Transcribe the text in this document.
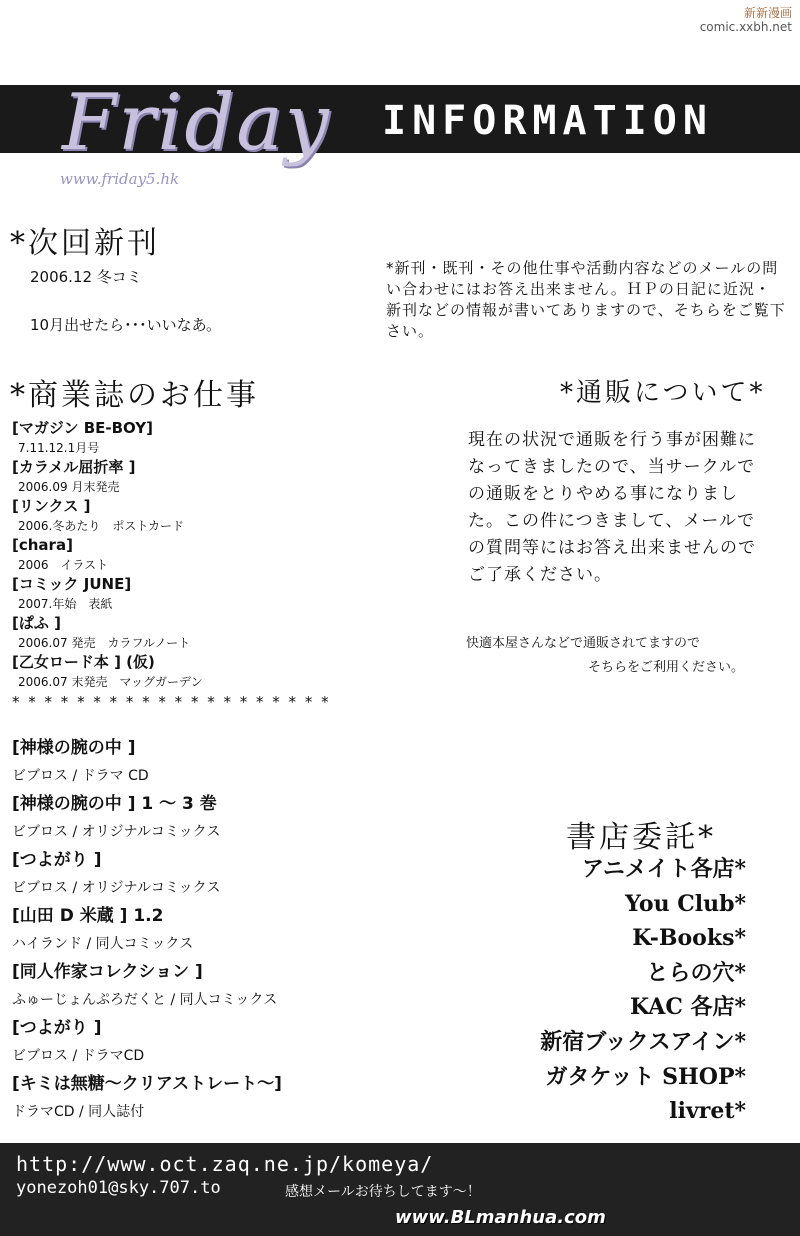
新新漫画
comic.xxbh.net
Friday
www.friday5.hk
INFORMATION
*次回新刊
2006.12 冬コミ
10月出せたら･･･いいなあ。
*新刊・既刊・その他仕事や活動内容などのメールの問い合わせにはお答え出来ません。ＨＰの日記に近況・新刊などの情報が書いてありますので、そちらをご覧下さい。
*商業誌のお仕事
[マガジン BE-BOY]
7.11.12.1月号
[カラメル屈折率 ]
2006.09 月末発売
[リンクス ]
2006.冬あたり　ポストカード
[chara]
2006　イラスト
[コミック JUNE]
2007.年始　表紙
[ぱふ ]
2006.07 発売　カラフルノート
[乙女ロード本 ] (仮)
2006.07 末発売　マッグガーデン
* * * * * * * * * * * * * * * * * * * *
[神様の腕の中 ]
ビブロス / ドラマ CD
[神様の腕の中 ] 1 ～ 3 巻
ビブロス / オリジナルコミックス
[つよがり ]
ビブロス / オリジナルコミックス
[山田 D 米蔵 ] 1.2
ハイランド / 同人コミックス
[同人作家コレクション ]
ふゅーじょんぷろだくと / 同人コミックス
[つよがり ]
ビブロス / ドラマCD
[キミは無糖～クリアストレート～]
ドラマCD / 同人誌付
*通販について*
現在の状況で通販を行う事が困難になってきましたので、当サークルでの通販をとりやめる事になりました。この件につきまして、メールでの質問等にはお答え出来ませんのでご了承ください。
快適本屋さんなどで通販されてますので
そちらをご利用ください。
書店委託*
アニメイト各店*
You Club*
K-Books*
とらの穴*
KAC 各店*
新宿ブックスアイン*
ガタケット SHOP*
livret*
http://www.oct.zaq.ne.jp/komeya/
yonezoh01@sky.707.to	感想メールお待ちしてます～！
www.BLmanhua.com
